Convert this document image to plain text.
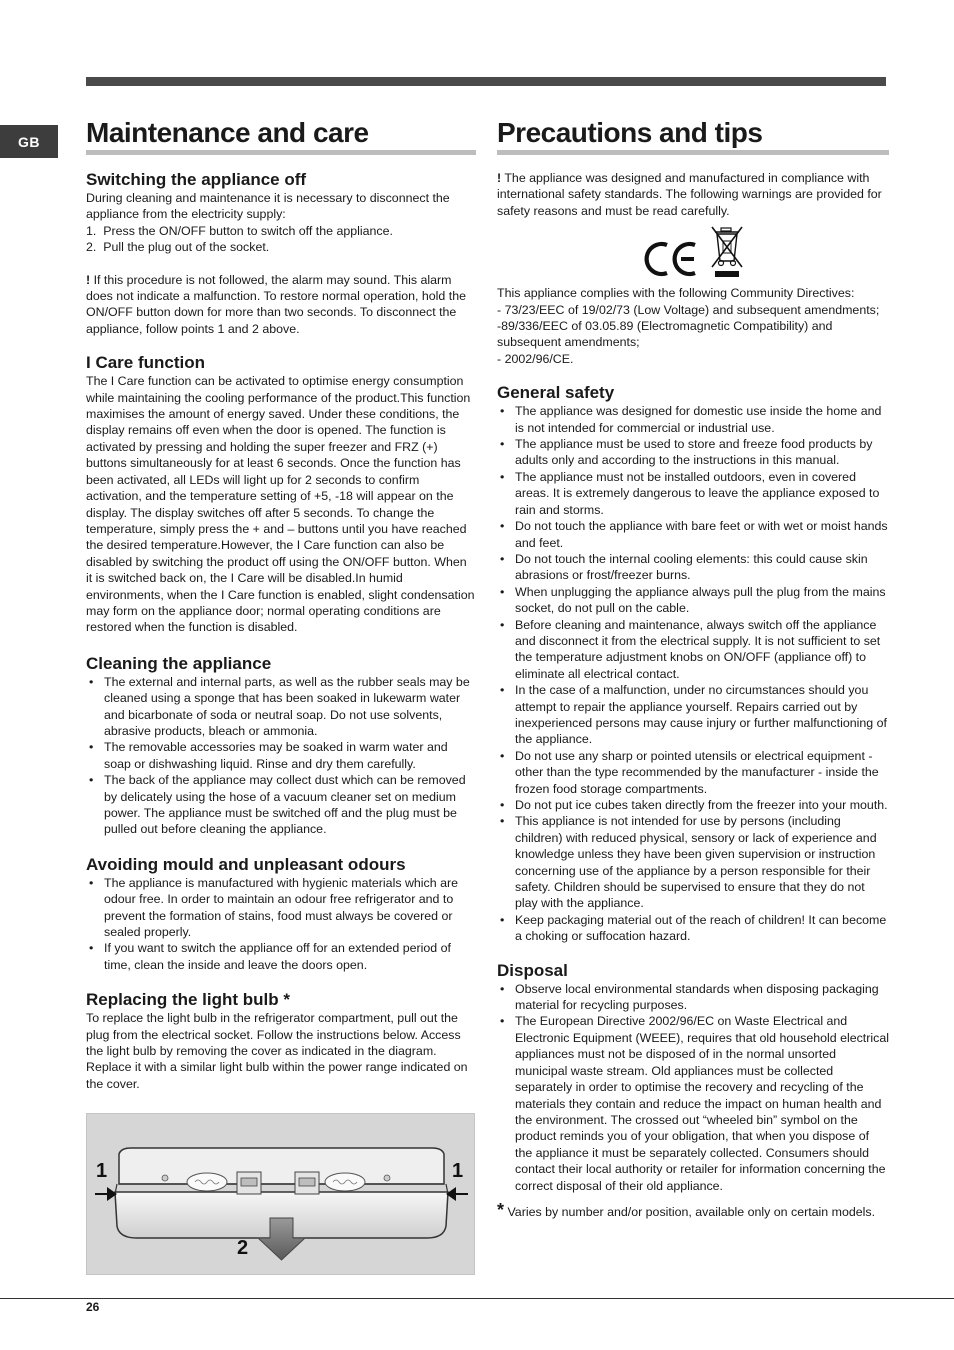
GB	Maintenance and care
Switching the appliance off

During cleaning and maintenance it is necessary to disconnect the appliance from the electricity supply:

1.  Press the ON/OFF button to switch off the appliance.
2.  Pull the plug out of the socket.

! If this procedure is not followed, the alarm may sound. This alarm does not indicate a malfunction. To restore normal operation, hold the ON/OFF button down for more than two seconds. To disconnect the appliance, follow points 1 and 2 above.

I Care function

The I Care function can be activated to optimise energy consumption while maintaining the cooling performance of the product.This function maximises the amount of energy saved. Under these conditions, the display remains off even when the door is opened. The function is activated by pressing and holding the super freezer and FRZ (+) buttons simultaneously for at least 6 seconds. Once the function has been activated, all LEDs will light up for 2 seconds to confirm activation, and the temperature setting of +5, -18 will appear on the display. The display switches off after 5 seconds. To change the temperature, simply press the + and – buttons until you have reached the desired temperature.However, the I Care function can also be disabled by switching the product off using the ON/OFF button. When it is switched back on, the I Care will be disabled.In humid environments, when the I Care function is enabled, slight condensation may form on the appliance door; normal operating conditions are restored when the function is disabled.

Cleaning the appliance
• The external and internal parts, as well as the rubber seals may be cleaned using a sponge that has been soaked in lukewarm water and bicarbonate of soda or neutral soap. Do not use solvents, abrasive products, bleach or ammonia.
• The removable accessories may be soaked in warm water and soap or dishwashing liquid. Rinse and dry them carefully.
• The back of the appliance may collect dust which can be removed by delicately using the hose of a vacuum cleaner set on medium power. The appliance must be switched off and the plug must be pulled out before cleaning the appliance.
Avoiding mould and unpleasant odours
• The appliance is manufactured with hygienic materials which are odour free. In order to maintain an odour free refrigerator and to prevent the formation of stains, food must always be covered or sealed properly.
• If you want to switch the appliance off for an extended period of time, clean the inside and leave the doors open.
Replacing the light bulb *

To replace the light bulb in the refrigerator compartment, pull out the plug from the electrical socket. Follow the instructions below. Access the light bulb by removing the cover as indicated in the diagram. Replace it with a similar light bulb within the power range indicated on the cover.

1	1
2
Precautions and tips

! The appliance was designed and manufactured in compliance with international safety standards. The following warnings are provided for safety reasons and must be read carefully.

This appliance complies with the following Community Directives:

- 73/23/EEC of 19/02/73 (Low Voltage) and subsequent amendments;

-89/336/EEC of 03.05.89 (Electromagnetic Compatibility) and subsequent amendments;

- 2002/96/CE.

General safety
• The appliance was designed for domestic use inside the home and is not intended for commercial or industrial use.
• The appliance must be used to store and freeze food products by adults only and according to the instructions in this manual.
• The appliance must not be installed outdoors, even in covered areas. It is extremely dangerous to leave the appliance exposed to rain and storms.
• Do not touch the appliance with bare feet or with wet or moist hands and feet.
• Do not touch the internal cooling elements: this could cause skin abrasions or frost/freezer burns.
• When unplugging the appliance always pull the plug from the mains socket, do not pull on the cable.
• Before cleaning and maintenance, always switch off the appliance and disconnect it from the electrical supply. It is not sufficient to set the temperature adjustment knobs on ON/OFF (appliance off) to eliminate all electrical contact.
• In the case of a malfunction, under no circumstances should you attempt to repair the appliance yourself. Repairs carried out by inexperienced persons may cause injury or further malfunctioning of the appliance.
• Do not use any sharp or pointed utensils or electrical equipment - other than the type recommended by the manufacturer - inside the frozen food storage compartments.
• Do not put ice cubes taken directly from the freezer into your mouth.
• This appliance is not intended for use by persons (including children) with reduced physical, sensory or lack of experience and knowledge unless they have been given supervision or instruction concerning use of the appliance by a person responsible for their safety. Children should be supervised to ensure that they do not play with the appliance.
• Keep packaging material out of the reach of children! It can become a choking or suffocation hazard.
Disposal
• Observe local environmental standards when disposing packaging material for recycling purposes.
• The European Directive 2002/96/EC on Waste Electrical and Electronic Equipment (WEEE), requires that old household electrical appliances must not be disposed of in the normal unsorted municipal waste stream. Old appliances must be collected separately in order to optimise the recovery and recycling of the materials they contain and reduce the impact on human health and the environment. The crossed out “wheeled bin” symbol on the product reminds you of your obligation, that when you dispose of the appliance it must be separately collected. Consumers should contact their local authority or retailer for information concerning the correct disposal of their old appliance.

* Varies by number and/or position, available only on certain models.

26
